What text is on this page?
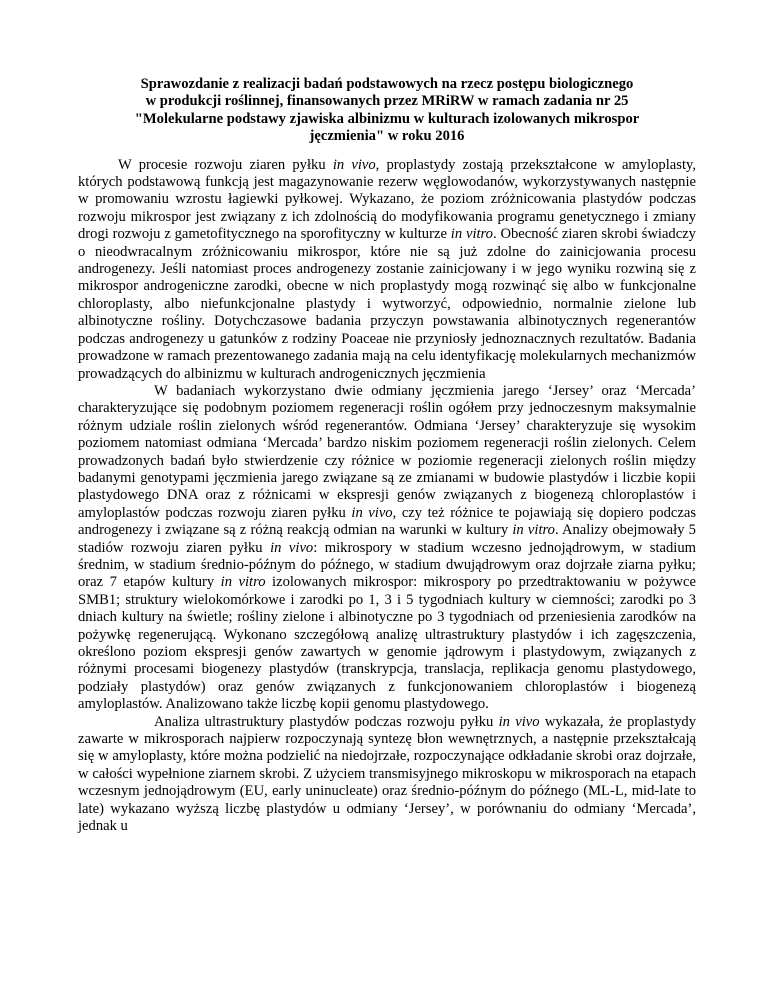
Sprawozdanie z realizacji badań podstawowych na rzecz postępu biologicznego
w produkcji roślinnej, finansowanych przez MRiRW w ramach zadania nr 25
"Molekularne podstawy zjawiska albinizmu w kulturach izolowanych mikrospor
jęczmienia" w roku 2016

W procesie rozwoju ziaren pyłku in vivo, proplastydy zostają przekształcone w amyloplasty, których podstawową funkcją jest magazynowanie rezerw węglowodanów, wykorzystywanych następnie w promowaniu wzrostu łagiewki pyłkowej. Wykazano, że poziom zróżnicowania plastydów podczas rozwoju mikrospor jest związany z ich zdolnością do modyfikowania programu genetycznego i zmiany drogi rozwoju z gametofitycznego na sporofityczny w kulturze in vitro. Obecność ziaren skrobi świadczy o nieodwracalnym zróżnicowaniu mikrospor, które nie są już zdolne do zainicjowania procesu androgenezy. Jeśli natomiast proces androgenezy zostanie zainicjowany i w jego wyniku rozwiną się z mikrospor androgeniczne zarodki, obecne w nich proplastydy mogą rozwinąć się albo w funkcjonalne chloroplasty, albo niefunkcjonalne plastydy i wytworzyć, odpowiednio, normalnie zielone lub albinotyczne rośliny. Dotychczasowe badania przyczyn powstawania albinotycznych regenerantów podczas androgenezy u gatunków z rodziny Poaceae nie przyniosły jednoznacznych rezultatów. Badania prowadzone w ramach prezentowanego zadania mają na celu identyfikację molekularnych mechanizmów prowadzących do albinizmu w kulturach androgenicznych jęczmienia

W badaniach wykorzystano dwie odmiany jęczmienia jarego ‘Jersey’ oraz ‘Mercada’ charakteryzujące się podobnym poziomem regeneracji roślin ogółem przy jednoczesnym maksymalnie różnym udziale roślin zielonych wśród regenerantów. Odmiana ‘Jersey’ charakteryzuje się wysokim poziomem natomiast odmiana ‘Mercada’ bardzo niskim poziomem regeneracji roślin zielonych. Celem prowadzonych badań było stwierdzenie czy różnice w poziomie regeneracji zielonych roślin między badanymi genotypami jęczmienia jarego związane są ze zmianami w budowie plastydów i liczbie kopii plastydowego DNA oraz z różnicami w ekspresji genów związanych z biogenezą chloroplastów i amyloplastów podczas rozwoju ziaren pyłku in vivo, czy też różnice te pojawiają się dopiero podczas androgenezy i związane są z różną reakcją odmian na warunki w kultury in vitro. Analizy obejmowały 5 stadiów rozwoju ziaren pyłku in vivo: mikrospory w stadium wczesno jednojądrowym, w stadium średnim, w stadium średnio-późnym do późnego, w stadium dwujądrowym oraz dojrzałe ziarna pyłku; oraz 7 etapów kultury in vitro izolowanych mikrospor: mikrospory po przedtraktowaniu w pożywce SMB1; struktury wielokomórkowe i zarodki po 1, 3 i 5 tygodniach kultury w ciemności; zarodki po 3 dniach kultury na świetle; rośliny zielone i albinotyczne po 3 tygodniach od przeniesienia zarodków na pożywkę regenerującą. Wykonano szczegółową analizę ultrastruktury plastydów i ich zagęszczenia, określono poziom ekspresji genów zawartych w genomie jądrowym i plastydowym, związanych z różnymi procesami biogenezy plastydów (transkrypcja, translacja, replikacja genomu plastydowego, podziały plastydów) oraz genów związanych z funkcjonowaniem chloroplastów i biogenezą amyloplastów. Analizowano także liczbę kopii genomu plastydowego.

Analiza ultrastruktury plastydów podczas rozwoju pyłku in vivo wykazała, że proplastydy zawarte w mikrosporach najpierw rozpoczynają syntezę błon wewnętrznych, a następnie przekształcają się w amyloplasty, które można podzielić na niedojrzałe, rozpoczynające odkładanie skrobi oraz dojrzałe, w całości wypełnione ziarnem skrobi. Z użyciem transmisyjnego mikroskopu w mikrosporach na etapach wczesnym jednojądrowym (EU, early uninucleate) oraz średnio-późnym do późnego (ML-L, mid-late to late) wykazano wyższą liczbę plastydów u odmiany ‘Jersey’, w porównaniu do odmiany ‘Mercada’, jednak u
